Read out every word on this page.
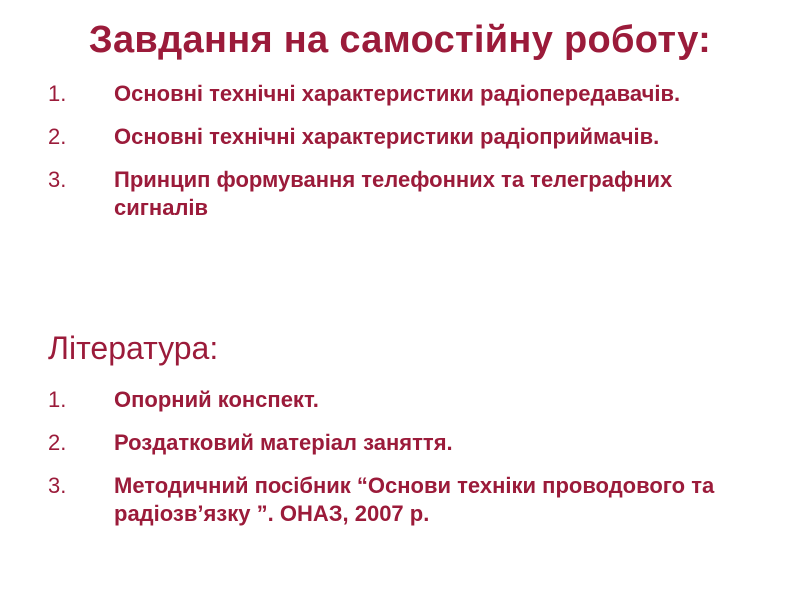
Завдання на самостійну роботу:
1. Основні технічні характеристики радіопередавачів.
2. Основні технічні характеристики радіоприймачів.
3. Принцип формування телефонних та телеграфних сигналів
Література:
1. Опорний конспект.
2. Роздатковий матеріал заняття.
3. Методичний посібник “Основи техніки проводового та радіозв’язку ”. ОНАЗ, 2007 р.
